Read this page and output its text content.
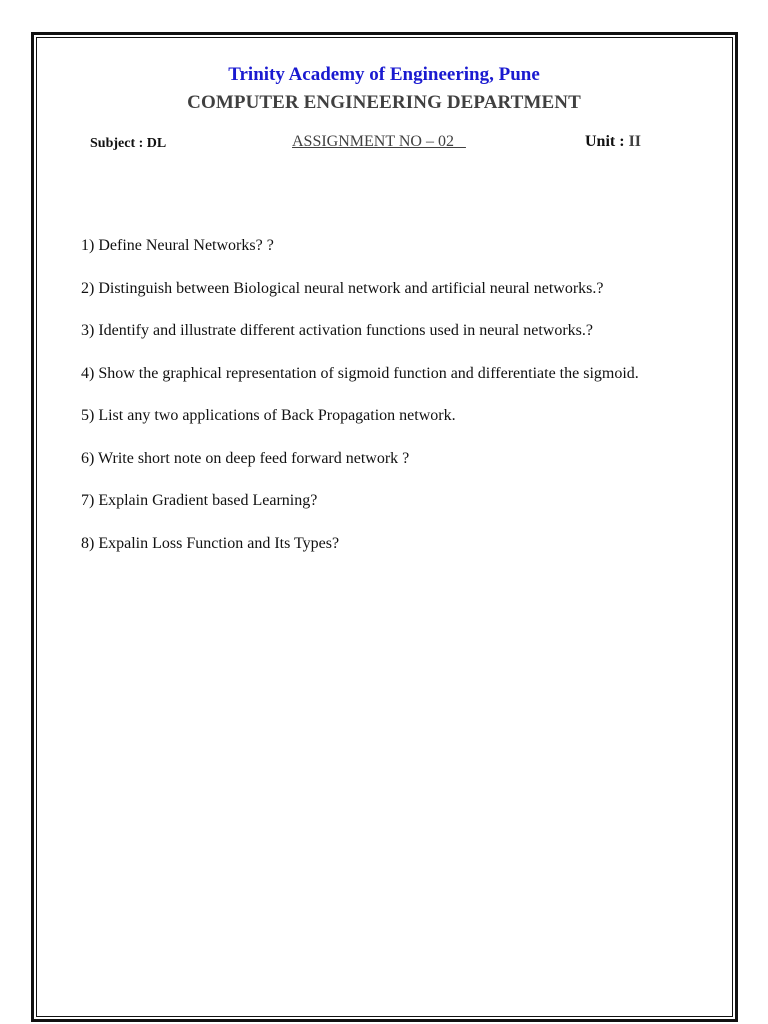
Trinity Academy of Engineering, Pune
COMPUTER ENGINEERING DEPARTMENT
Subject : DL	ASSIGNMENT NO – 02	Unit : II
1) Define Neural Networks? ?
2) Distinguish between Biological neural network and artificial neural networks.?
3) Identify and illustrate different activation functions used in neural networks.?
4) Show the graphical representation of sigmoid function and differentiate the sigmoid.
5) List any two applications of Back Propagation network.
6) Write short note on deep feed forward network ?
7) Explain Gradient based Learning?
8) Expalin Loss Function and Its Types?
